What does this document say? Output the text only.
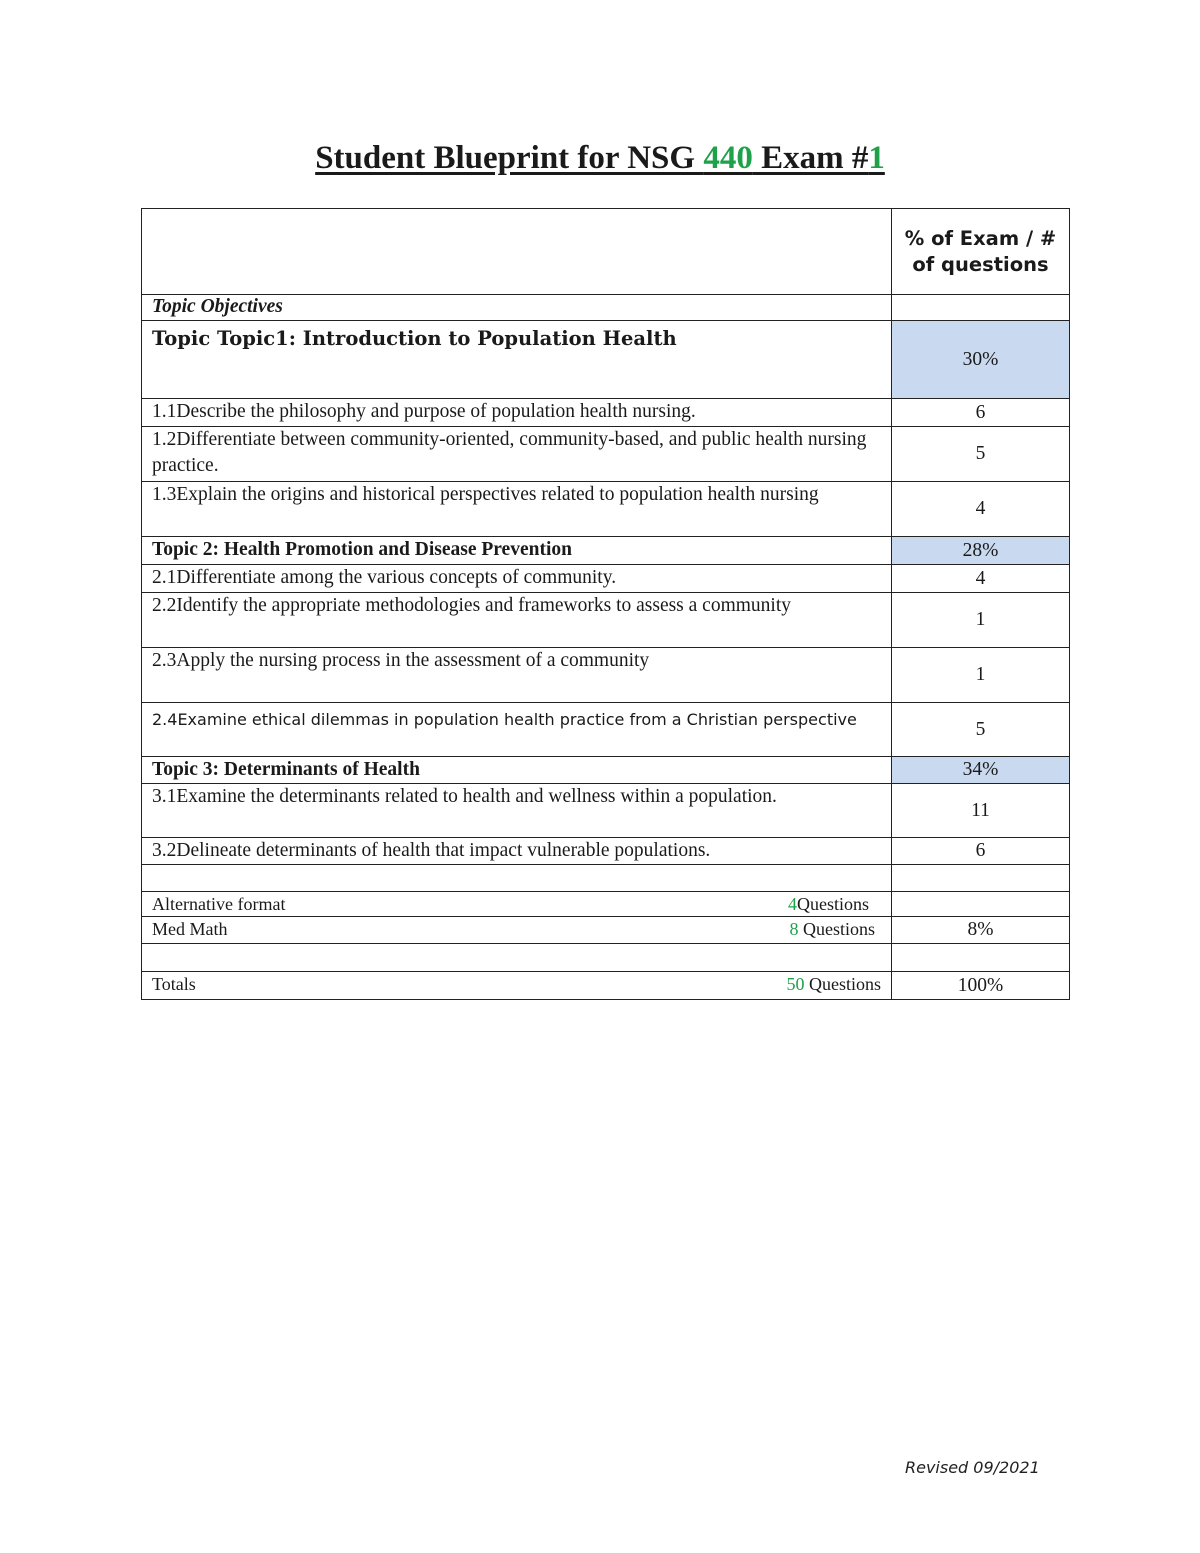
Student Blueprint for NSG 440 Exam #1
	% of Exam / # of questions
Topic Objectives	
Topic Topic1: Introduction to Population Health	30%
1.1Describe the philosophy and purpose of population health nursing.	6
1.2Differentiate between community-oriented, community-based, and public health nursing practice.	5
1.3Explain the origins and historical perspectives related to population health nursing	4
Topic 2: Health Promotion and Disease Prevention	28%
2.1Differentiate among the various concepts of community.	4
2.2Identify the appropriate methodologies and frameworks to assess a community	1
2.3Apply the nursing process in the assessment of a community	1
2.4Examine ethical dilemmas in population health practice from a Christian perspective	5
Topic 3: Determinants of Health	34%
3.1Examine the determinants related to health and wellness within a population.	11
3.2Delineate determinants of health that impact vulnerable populations.	6

Alternative format 4Questions	

Med Math 8 Questions	8%

Totals 50 Questions	100%
Revised 09/2021
